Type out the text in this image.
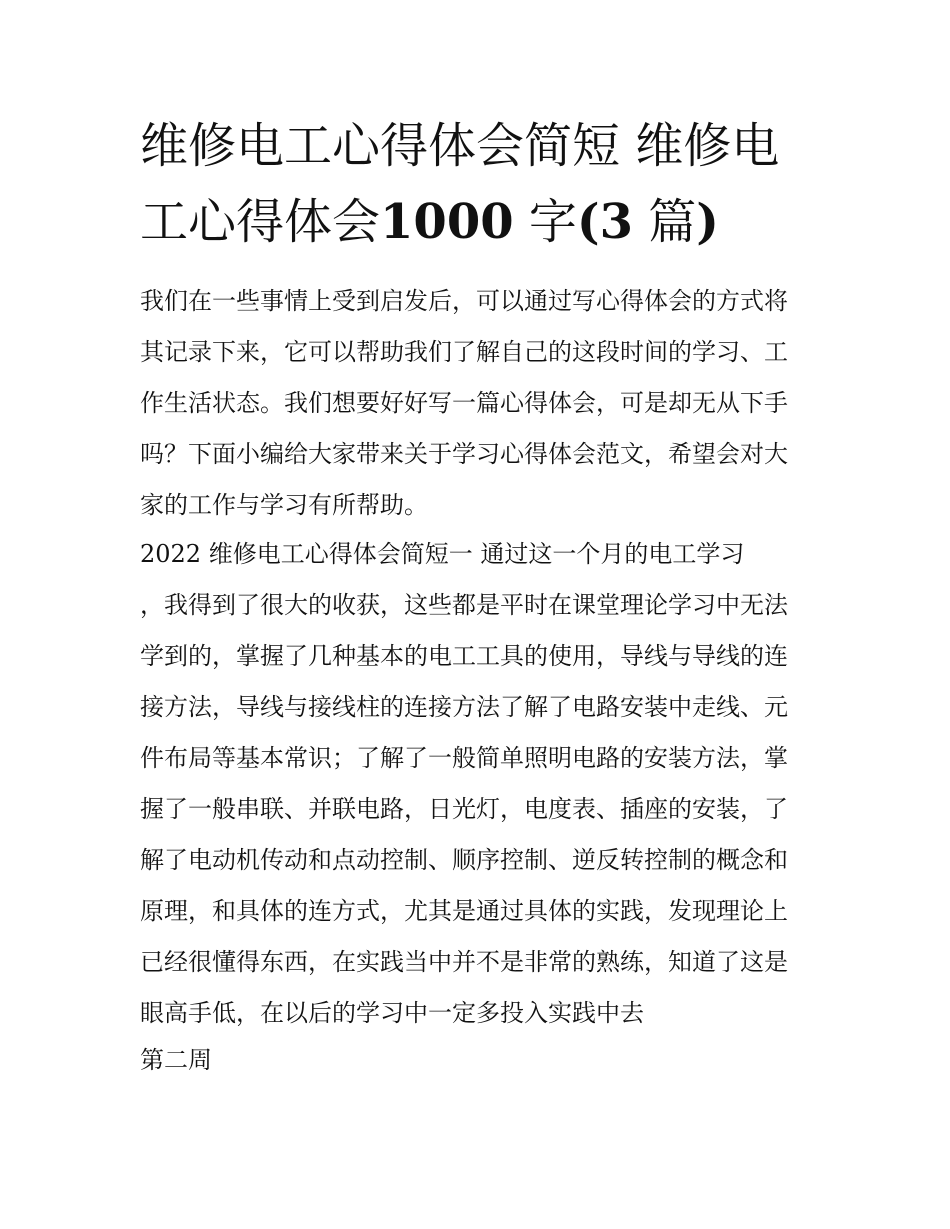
维修电工心得体会简短 维修电
工心得体会1000 字(3 篇)
我们在一些事情上受到启发后，可以通过写心得体会的方式将
其记录下来，它可以帮助我们了解自己的这段时间的学习、工
作生活状态。我们想要好好写一篇心得体会，可是却无从下手
吗？下面小编给大家带来关于学习心得体会范文，希望会对大
家的工作与学习有所帮助。
2022 维修电工心得体会简短一 通过这一个月的电工学习
，我得到了很大的收获，这些都是平时在课堂理论学习中无法
学到的，掌握了几种基本的电工工具的使用，导线与导线的连
接方法，导线与接线柱的连接方法了解了电路安装中走线、元
件布局等基本常识；了解了一般简单照明电路的安装方法，掌
握了一般串联、并联电路，日光灯，电度表、插座的安装，了
解了电动机传动和点动控制、顺序控制、逆反转控制的概念和
原理，和具体的连方式，尤其是通过具体的实践，发现理论上
已经很懂得东西，在实践当中并不是非常的熟练，知道了这是
眼高手低，在以后的学习中一定多投入实践中去
第二周
